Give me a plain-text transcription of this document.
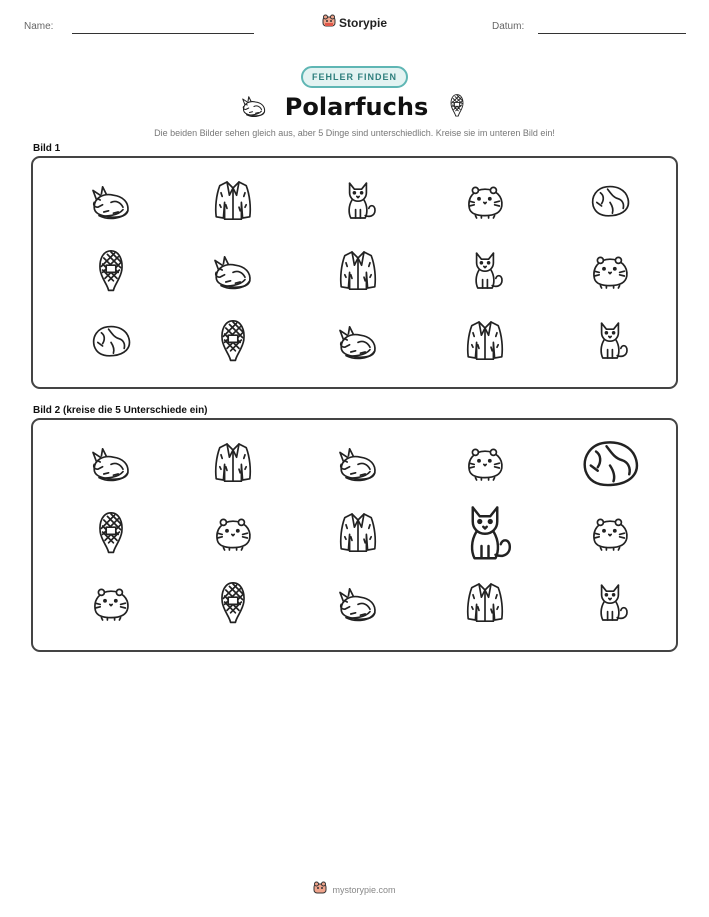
Name:	Storypie	Datum:
FEHLER FINDEN
Polarfuchs
Die beiden Bilder sehen gleich aus, aber 5 Dinge sind unterschiedlich. Kreise sie im unteren Bild ein!
Bild 1
Bild 2 (kreise die 5 Unterschiede ein)
mystorypie.com
